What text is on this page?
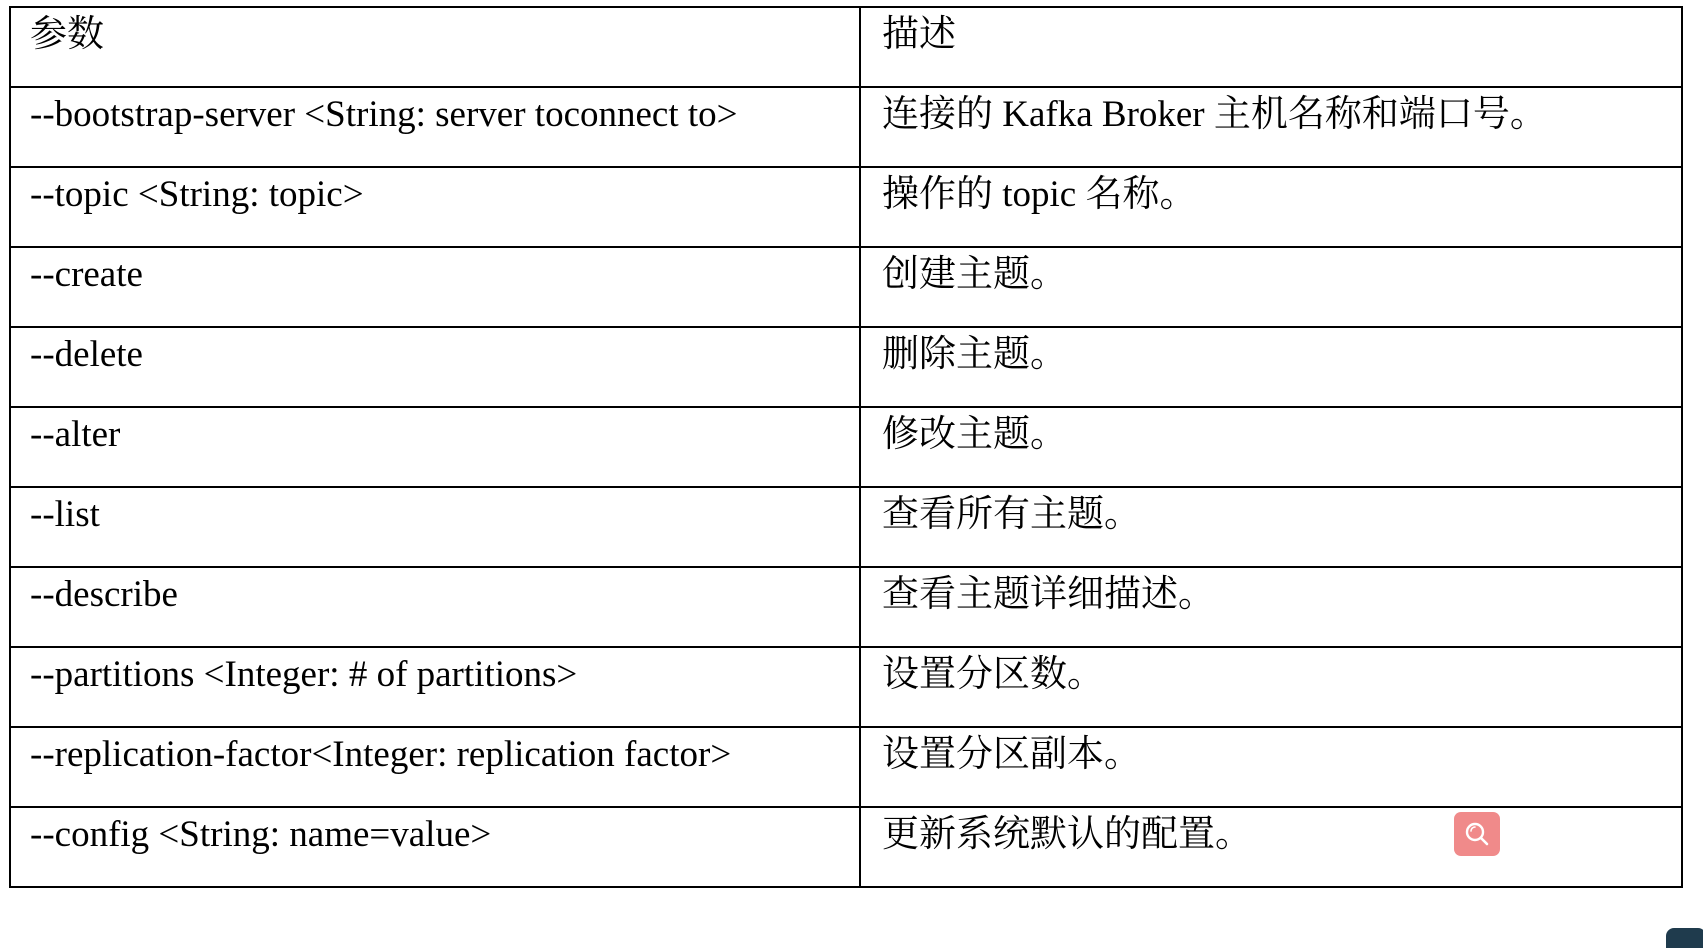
参数	描述
--bootstrap-server <String: server toconnect to>	连接的 Kafka Broker 主机名称和端口号。
--topic <String: topic>	操作的 topic 名称。
--create	创建主题。
--delete	删除主题。
--alter	修改主题。
--list	查看所有主题。
--describe	查看主题详细描述。
--partitions <Integer: # of partitions>	设置分区数。
--replication-factor<Integer: replication factor>	设置分区副本。
--config <String: name=value>	更新系统默认的配置。
